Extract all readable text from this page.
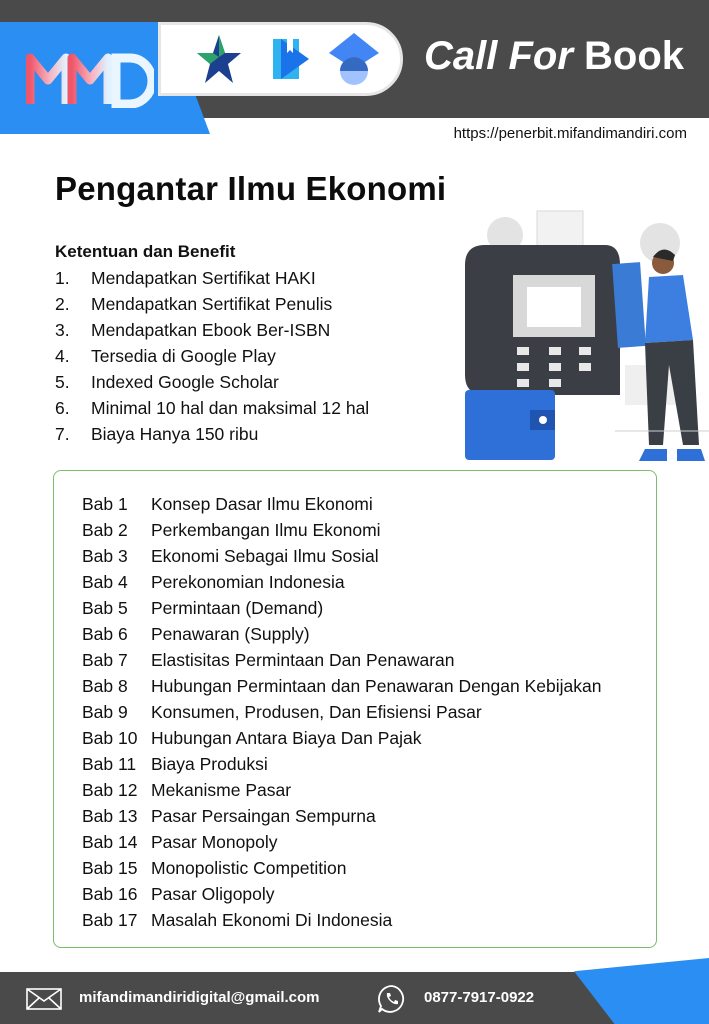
Call For Book
https://penerbit.mifandimandiri.com
Pengantar Ilmu Ekonomi
Ketentuan dan Benefit
1.	Mendapatkan Sertifikat HAKI
2.	Mendapatkan Sertifikat Penulis
3.	Mendapatkan Ebook Ber-ISBN
4.	Tersedia di Google Play
5.	Indexed Google Scholar
6.	Minimal 10 hal dan maksimal 12 hal
7.	Biaya Hanya 150 ribu
Bab 1	Konsep Dasar Ilmu Ekonomi
Bab 2	Perkembangan Ilmu Ekonomi
Bab 3	Ekonomi Sebagai Ilmu Sosial
Bab 4	Perekonomian Indonesia
Bab 5	Permintaan (Demand)
Bab 6	Penawaran (Supply)
Bab 7	Elastisitas Permintaan Dan Penawaran
Bab 8	Hubungan Permintaan dan Penawaran Dengan Kebijakan
Bab 9	Konsumen, Produsen, Dan Efisiensi Pasar
Bab 10 Hubungan Antara Biaya Dan Pajak
Bab 11 Biaya Produksi
Bab 12 Mekanisme Pasar
Bab 13 Pasar Persaingan Sempurna
Bab 14 Pasar Monopoly
Bab 15 Monopolistic Competition
Bab 16 Pasar Oligopoly
Bab 17 Masalah Ekonomi Di Indonesia
mifandimandiridigital@gmail.com	0877-7917-0922
